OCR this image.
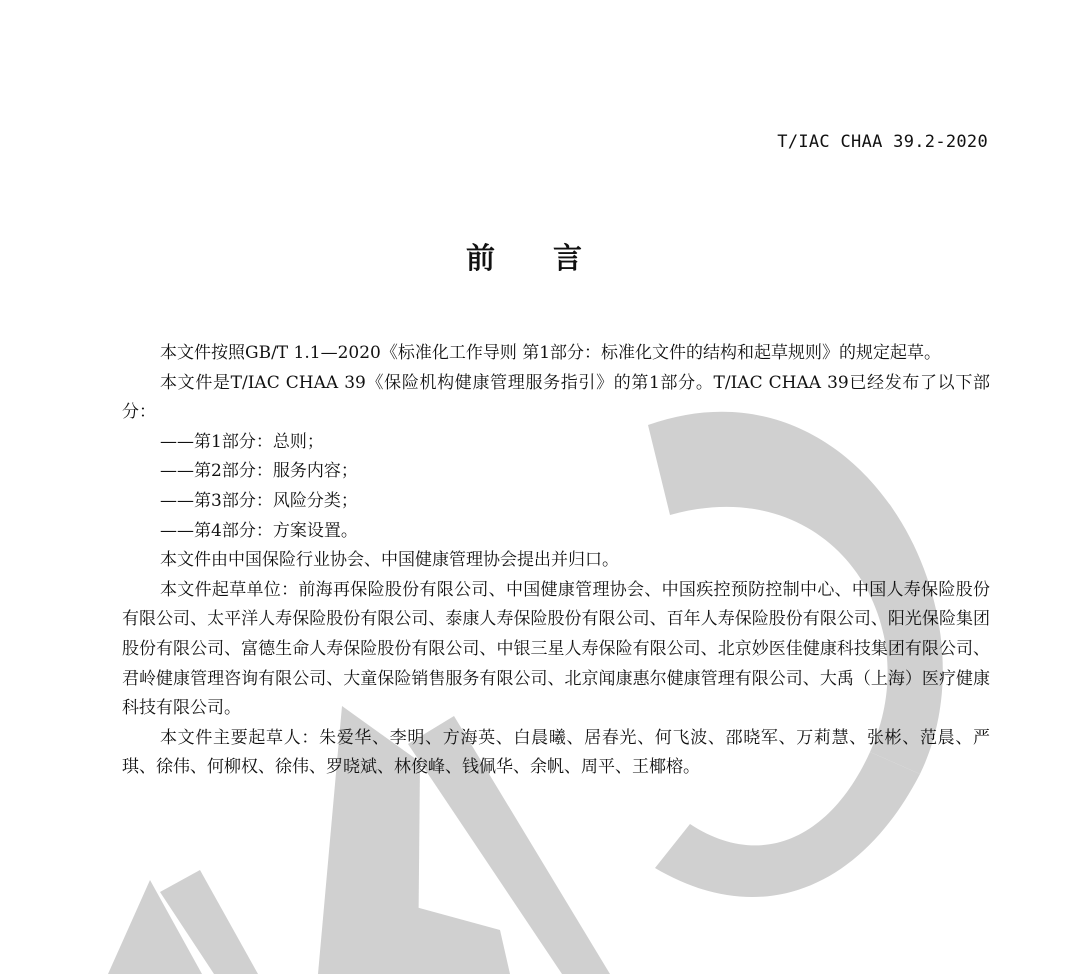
T/IAC CHAA 39.2-2020
前言

本文件按照GB/T 1.1—2020《标准化工作导则 第1部分：标准化文件的结构和起草规则》的规定起草。

本文件是T/IAC CHAA 39《保险机构健康管理服务指引》的第1部分。T/IAC CHAA 39已经发布了以下部分：

——第1部分：总则；

——第2部分：服务内容；

——第3部分：风险分类；

——第4部分：方案设置。

本文件由中国保险行业协会、中国健康管理协会提出并归口。

本文件起草单位：前海再保险股份有限公司、中国健康管理协会、中国疾控预防控制中心、中国人寿保险股份有限公司、太平洋人寿保险股份有限公司、泰康人寿保险股份有限公司、百年人寿保险股份有限公司、阳光保险集团股份有限公司、富德生命人寿保险股份有限公司、中银三星人寿保险有限公司、北京妙医佳健康科技集团有限公司、君岭健康管理咨询有限公司、大童保险销售服务有限公司、北京闻康惠尔健康管理有限公司、大禹（上海）医疗健康科技有限公司。

本文件主要起草人：朱爱华、李明、方海英、白晨曦、居春光、何飞波、邵晓军、万莉慧、张彬、范晨、严琪、徐伟、何柳权、徐伟、罗晓斌、林俊峰、钱佩华、余帆、周平、王椰榕。
